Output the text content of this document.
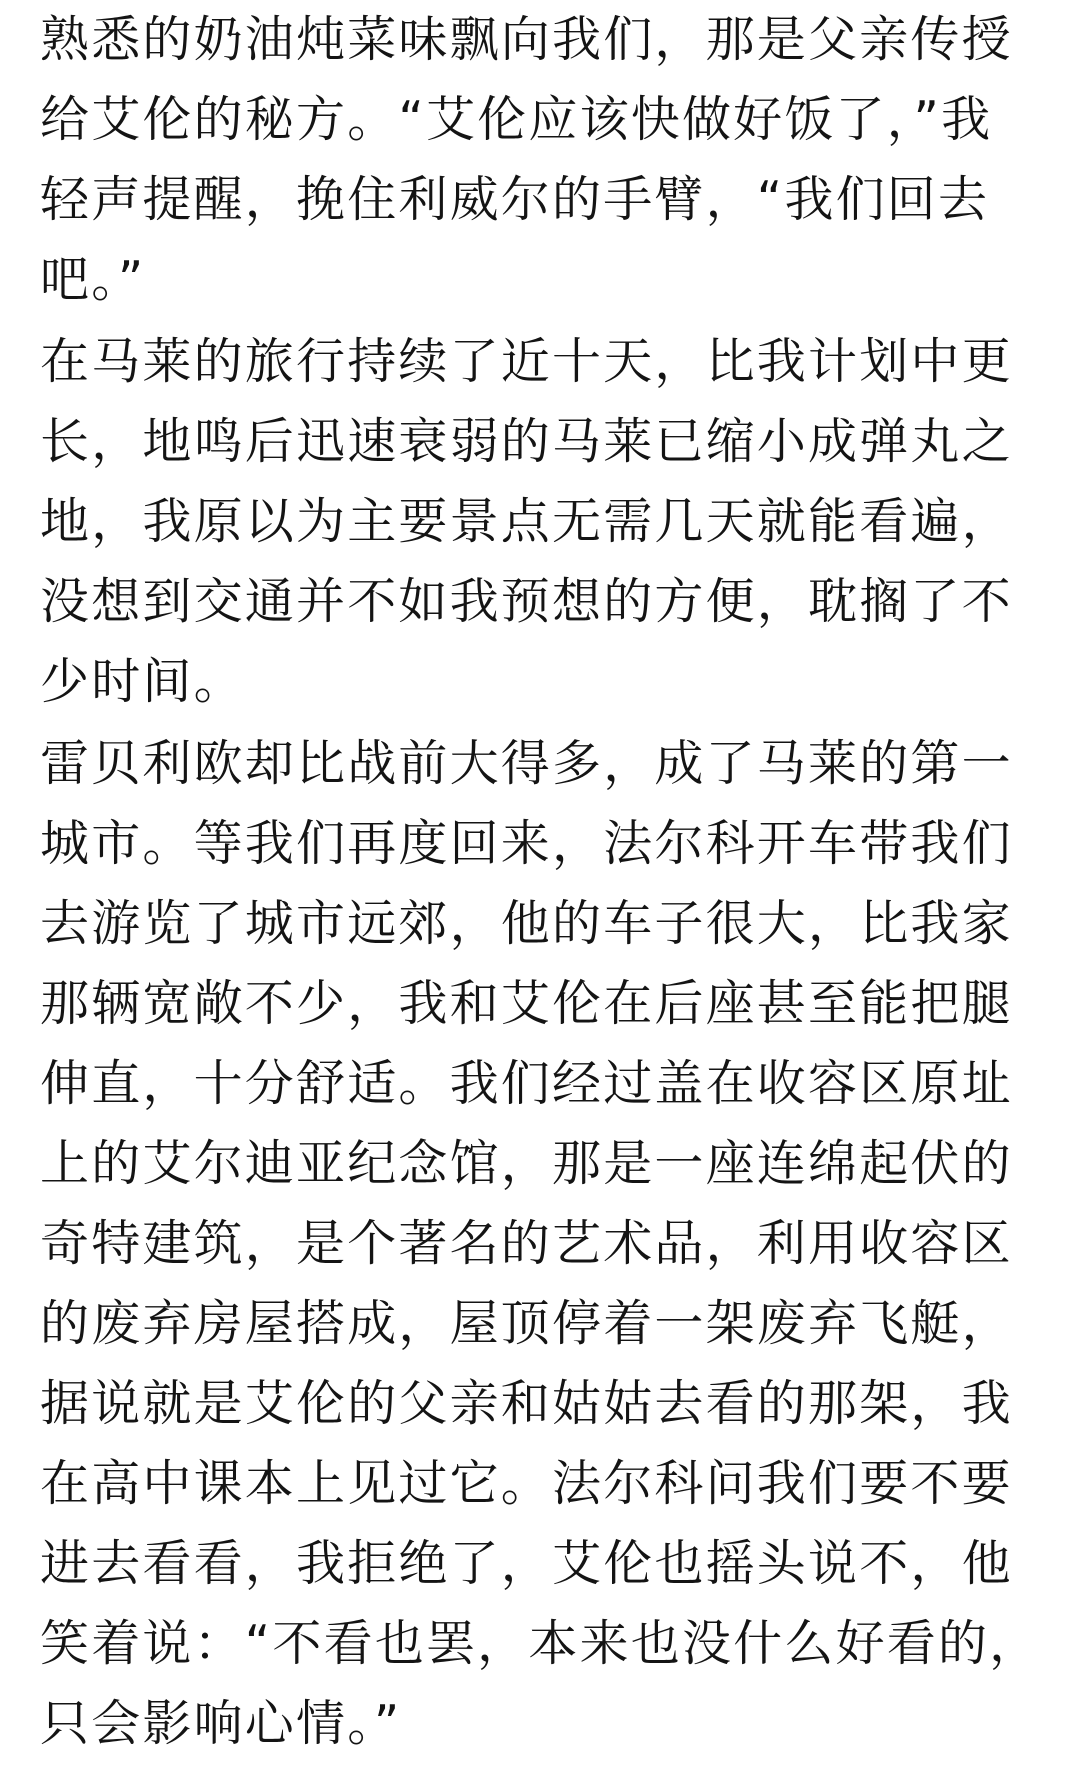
熟悉的奶油炖菜味飘向我们，那是父亲传授
给艾伦的秘方。“艾伦应该快做好饭了，”我
轻声提醒，挽住利威尔的手臂，“我们回去
吧。”
在马莱的旅行持续了近十天，比我计划中更
长，地鸣后迅速衰弱的马莱已缩小成弹丸之
地，我原以为主要景点无需几天就能看遍，
没想到交通并不如我预想的方便，耽搁了不
少时间。
雷贝利欧却比战前大得多，成了马莱的第一
城市。等我们再度回来，法尔科开车带我们
去游览了城市远郊，他的车子很大，比我家
那辆宽敞不少，我和艾伦在后座甚至能把腿
伸直，十分舒适。我们经过盖在收容区原址
上的艾尔迪亚纪念馆，那是一座连绵起伏的
奇特建筑，是个著名的艺术品，利用收容区
的废弃房屋搭成，屋顶停着一架废弃飞艇，
据说就是艾伦的父亲和姑姑去看的那架，我
在高中课本上见过它。法尔科问我们要不要
进去看看，我拒绝了，艾伦也摇头说不，他
笑着说：“不看也罢，本来也没什么好看的，
只会影响心情。”
